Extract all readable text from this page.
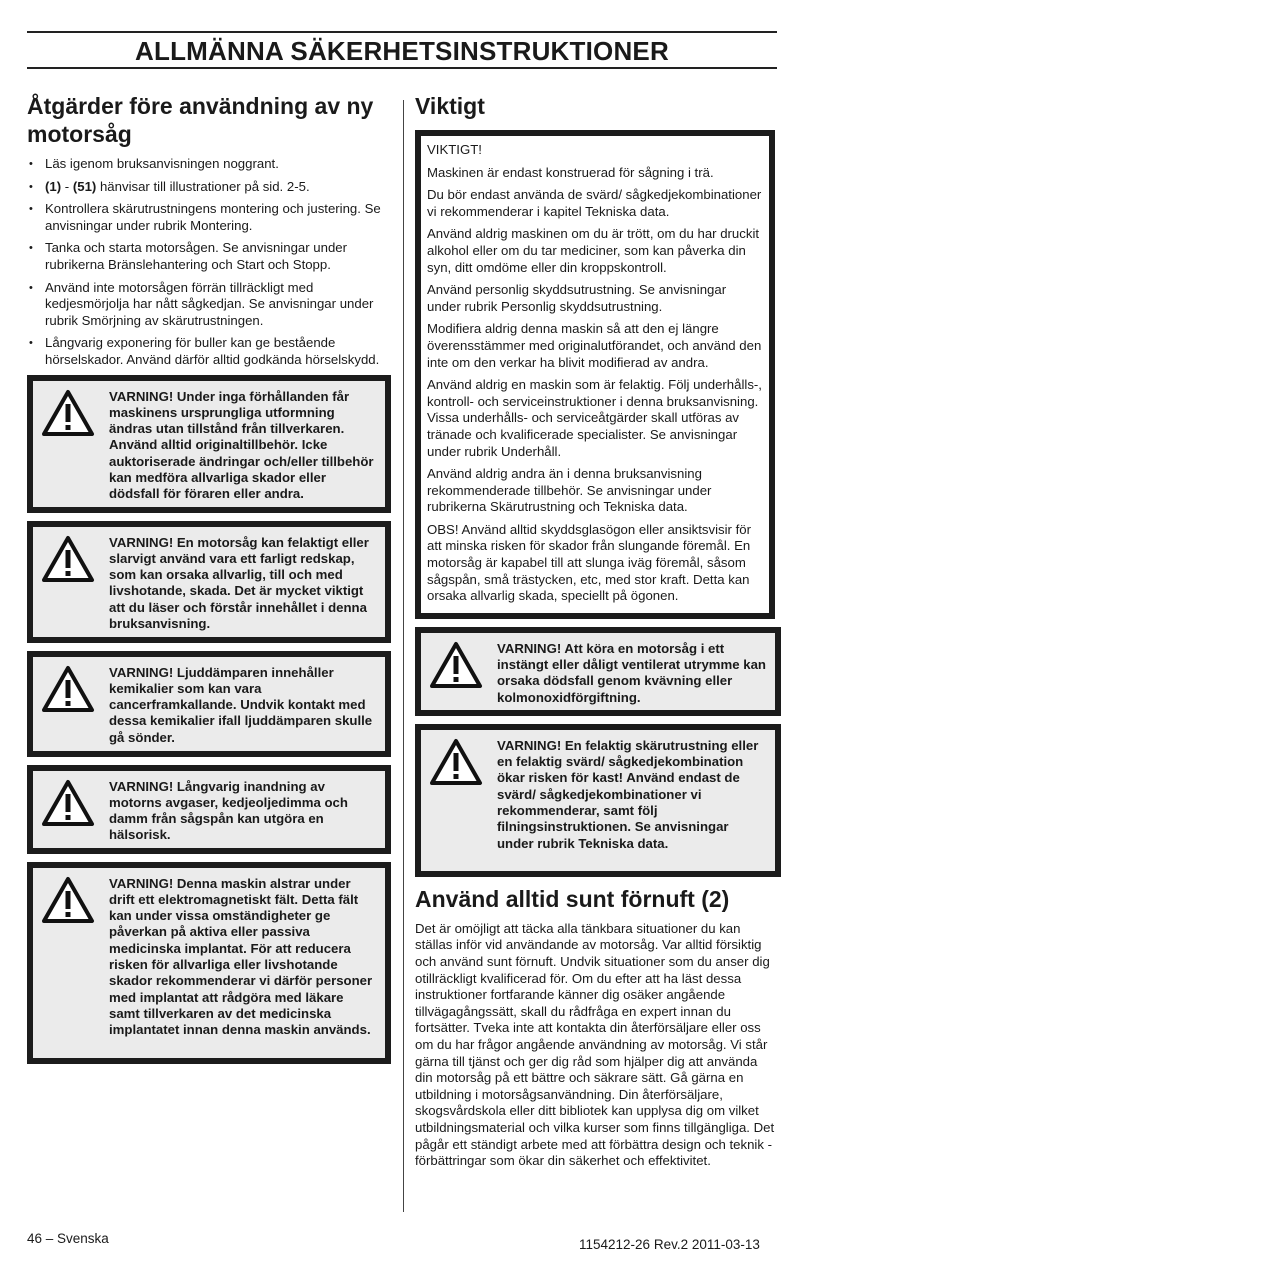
ALLMÄNNA SÄKERHETSINSTRUKTIONER
Åtgärder före användning av ny motorsåg
• Läs igenom bruksanvisningen noggrant.
• (1) - (51) hänvisar till illustrationer på sid. 2-5.
• Kontrollera skärutrustningens montering och justering. Se anvisningar under rubrik Montering.
• Tanka och starta motorsågen. Se anvisningar under rubrikerna Bränslehantering och Start och Stopp.
• Använd inte motorsågen förrän tillräckligt med kedjesmörjolja har nått sågkedjan. Se anvisningar under rubrik Smörjning av skärutrustningen.
• Långvarig exponering för buller kan ge bestående hörselskador. Använd därför alltid godkända hörselskydd.

VARNING! Under inga förhållanden får maskinens ursprungliga utformning ändras utan tillstånd från tillverkaren. Använd alltid originaltillbehör. Icke auktoriserade ändringar och/eller tillbehör kan medföra allvarliga skador eller dödsfall för föraren eller andra.

VARNING! En motorsåg kan felaktigt eller slarvigt använd vara ett farligt redskap, som kan orsaka allvarlig, till och med livshotande, skada. Det är mycket viktigt att du läser och förstår innehållet i denna bruksanvisning.

VARNING! Ljuddämparen innehåller kemikalier som kan vara cancerframkallande. Undvik kontakt med dessa kemikalier ifall ljuddämparen skulle gå sönder.

VARNING! Långvarig inandning av motorns avgaser, kedjeoljedimma och damm från sågspån kan utgöra en hälsorisk.

VARNING! Denna maskin alstrar under drift ett elektromagnetiskt fält. Detta fält kan under vissa omständigheter ge påverkan på aktiva eller passiva medicinska implantat. För att reducera risken för allvarliga eller livshotande skador rekommenderar vi därför personer med implantat att rådgöra med läkare samt tillverkaren av det medicinska implantatet innan denna maskin används.

Viktigt

VIKTIGT!

Maskinen är endast konstruerad för sågning i trä.

Du bör endast använda de svärd/ sågkedjekombinationer vi rekommenderar i kapitel Tekniska data.

Använd aldrig maskinen om du är trött, om du har druckit alkohol eller om du tar mediciner, som kan påverka din syn, ditt omdöme eller din kroppskontroll.

Använd personlig skyddsutrustning. Se anvisningar under rubrik Personlig skyddsutrustning.

Modifiera aldrig denna maskin så att den ej längre överensstämmer med originalutförandet, och använd den inte om den verkar ha blivit modifierad av andra.

Använd aldrig en maskin som är felaktig. Följ underhålls-, kontroll- och serviceinstruktioner i denna bruksanvisning. Vissa underhålls- och serviceåtgärder skall utföras av tränade och kvalificerade specialister. Se anvisningar under rubrik Underhåll.

Använd aldrig andra än i denna bruksanvisning rekommenderade tillbehör. Se anvisningar under rubrikerna Skärutrustning och Tekniska data.

OBS! Använd alltid skyddsglasögon eller ansiktsvisir för att minska risken för skador från slungande föremål. En motorsåg är kapabel till att slunga iväg föremål, såsom sågspån, små trästycken, etc, med stor kraft. Detta kan orsaka allvarlig skada, speciellt på ögonen.

VARNING! Att köra en motorsåg i ett instängt eller dåligt ventilerat utrymme kan orsaka dödsfall genom kvävning eller kolmonoxidförgiftning.

VARNING! En felaktig skärutrustning eller en felaktig svärd/ sågkedjekombination ökar risken för kast! Använd endast de svärd/ sågkedjekombinationer vi rekommenderar, samt följ filningsinstruktionen. Se anvisningar under rubrik Tekniska data.

Använd alltid sunt förnuft (2)

Det är omöjligt att täcka alla tänkbara situationer du kan ställas inför vid användande av motorsåg. Var alltid försiktig och använd sunt förnuft. Undvik situationer som du anser dig otillräckligt kvalificerad för. Om du efter att ha läst dessa instruktioner fortfarande känner dig osäker angående tillvägagångssätt, skall du rådfråga en expert innan du fortsätter. Tveka inte att kontakta din återförsäljare eller oss om du har frågor angående användning av motorsåg. Vi står gärna till tjänst och ger dig råd som hjälper dig att använda din motorsåg på ett bättre och säkrare sätt. Gå gärna en utbildning i motorsågsanvändning. Din återförsäljare, skogsvårdskola eller ditt bibliotek kan upplysa dig om vilket utbildningsmaterial och vilka kurser som finns tillgängliga. Det pågår ett ständigt arbete med att förbättra design och teknik - förbättringar som ökar din säkerhet och effektivitet.

46 – Svenska	1154212-26 Rev.2 2011-03-13
